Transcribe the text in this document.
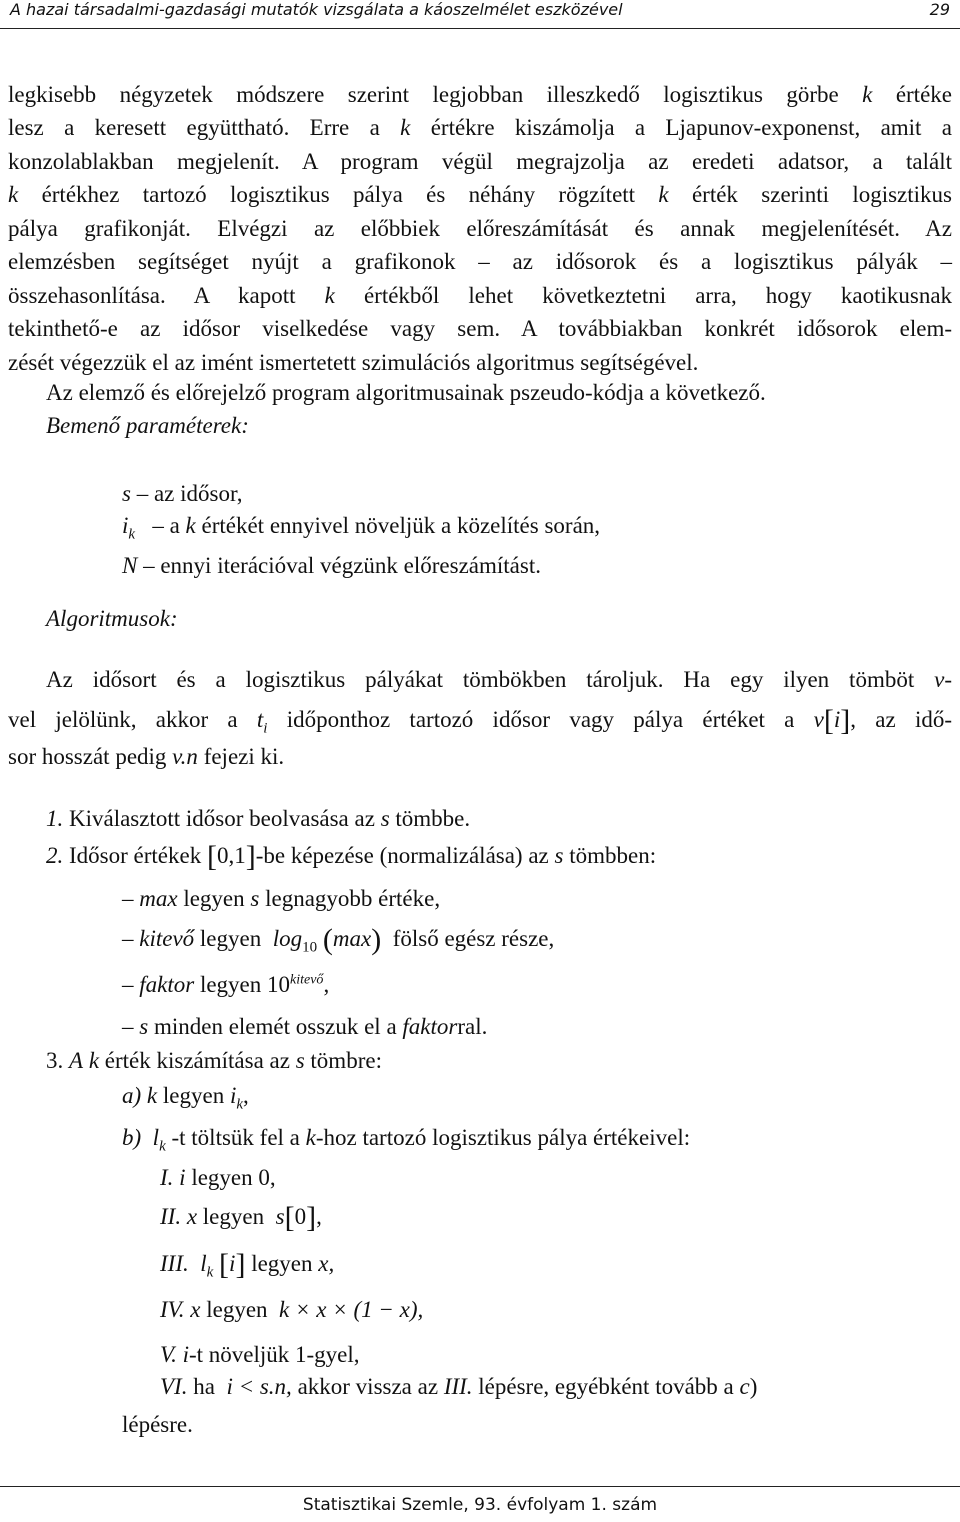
A hazai társadalmi-gazdasági mutatók vizsgálata a káoszelmélet eszközével	29
legkisebb négyzetek módszere szerint legjobban illeszkedő logisztikus görbe k értéke
lesz a keresett együttható. Erre a k értékre kiszámolja a Ljapunov-exponenst, amit a
konzolablakban megjelenít. A program végül megrajzolja az eredeti adatsor, a talált
k értékhez tartozó logisztikus pálya és néhány rögzített k érték szerinti logisztikus
pálya grafikonját. Elvégzi az előbbiek előreszámítását és annak megjelenítését. Az
elemzésben segítséget nyújt a grafikonok – az idősorok és a logisztikus pályák –
összehasonlítása. A kapott k értékből lehet következtetni arra, hogy kaotikusnak
tekinthető-e az idősor viselkedése vagy sem. A továbbiakban konkrét idősorok elem-
zését végezzük el az imént ismertetett szimulációs algoritmus segítségével.
Az elemző és előrejelző program algoritmusainak pszeudo-kódja a következő.
Bemenő paraméterek:
s – az idősor,
$i_k$ – a k értékét ennyivel növeljük a közelítés során,
N – ennyi iterációval végzünk előreszámítást.
Algoritmusok:
Az idősort és a logisztikus pályákat tömbökben tároljuk. Ha egy ilyen tömböt v-
vel jelölünk, akkor a $t_i$ időponthoz tartozó idősor vagy pálya értéket a v[i], az idő-
sor hosszát pedig v.n fejezi ki.
1. Kiválasztott idősor beolvasása az s tömbbe.
2. Idősor értékek [0,1]-be képezése (normalizálása) az s tömbben:
– max legyen s legnagyobb értéke,
– kitevő legyen $\log_{10} (\max)$ fölső egész része,
– faktor legyen $10^{kitevő}$,
– s minden elemét osszuk el a faktorral.
3. A k érték kiszámítása az s tömbre:
a) k legyen $i_k$,
b) $l_k$ -t töltsük fel a k-hoz tartozó logisztikus pálya értékeivel:
I. i legyen 0,
II. x legyen s[0],
III. $l_k$ [i] legyen x,
IV. x legyen k × x × (1 − x),
V. i-t növeljük 1-gyel,
VI. ha i < s.n, akkor vissza az III. lépésre, egyébként tovább a c)
lépésre.
Statisztikai Szemle, 93. évfolyam 1. szám
